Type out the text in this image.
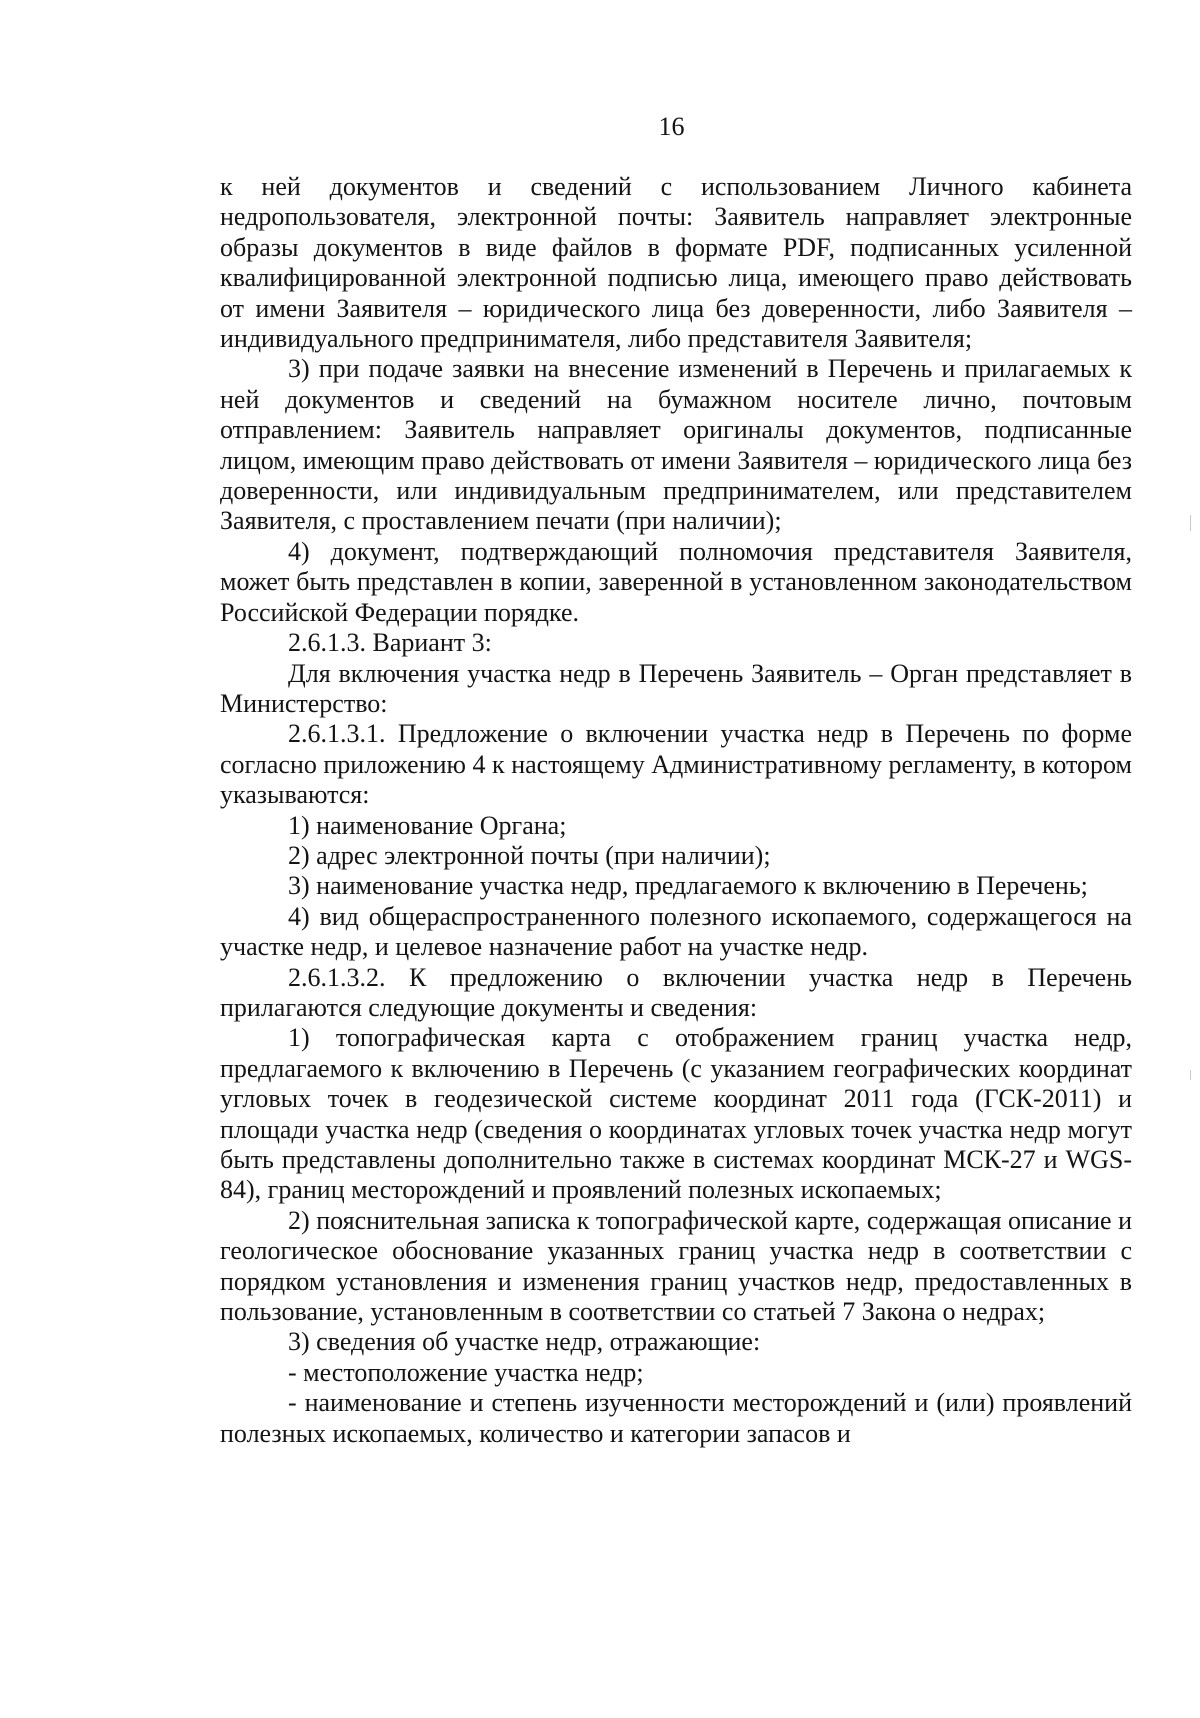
16

к ней документов и сведений с использованием Личного кабинета недропользователя, электронной почты: Заявитель направляет электронные образы документов в виде файлов в формате PDF, подписанных усиленной квалифицированной электронной подписью лица, имеющего право действовать от имени Заявителя – юридического лица без доверенности, либо Заявителя – индивидуального предпринимателя, либо представителя Заявителя;

3) при подаче заявки на внесение изменений в Перечень и прилагаемых к ней документов и сведений на бумажном носителе лично, почтовым отправлением: Заявитель направляет оригиналы документов, подписанные лицом, имеющим право действовать от имени Заявителя – юридического лица без доверенности, или индивидуальным предпринимателем, или представителем Заявителя, с проставлением печати (при наличии);

4) документ, подтверждающий полномочия представителя Заявителя, может быть представлен в копии, заверенной в установленном законодательством Российской Федерации порядке.

2.6.1.3. Вариант 3:

Для включения участка недр в Перечень Заявитель – Орган представляет в Министерство:

2.6.1.3.1. Предложение о включении участка недр в Перечень по форме согласно приложению 4 к настоящему Административному регламенту, в котором указываются:

1) наименование Органа;

2) адрес электронной почты (при наличии);

3) наименование участка недр, предлагаемого к включению в Перечень;

4) вид общераспространенного полезного ископаемого, содержащегося на участке недр, и целевое назначение работ на участке недр.

2.6.1.3.2. К предложению о включении участка недр в Перечень прилагаются следующие документы и сведения:

1) топографическая карта с отображением границ участка недр, предлагаемого к включению в Перечень (с указанием географических координат угловых точек в геодезической системе координат 2011 года (ГСК-2011) и площади участка недр (сведения о координатах угловых точек участка недр могут быть представлены дополнительно также в системах координат МСК-27 и WGS-84), границ месторождений и проявлений полезных ископаемых;

2) пояснительная записка к топографической карте, содержащая описание и геологическое обоснование указанных границ участка недр в соответствии с порядком установления и изменения границ участков недр, предоставленных в пользование, установленным в соответствии со статьей 7 Закона о недрах;

3) сведения об участке недр, отражающие:

- местоположение участка недр;

- наименование и степень изученности месторождений и (или) проявлений полезных ископаемых, количество и категории запасов и
